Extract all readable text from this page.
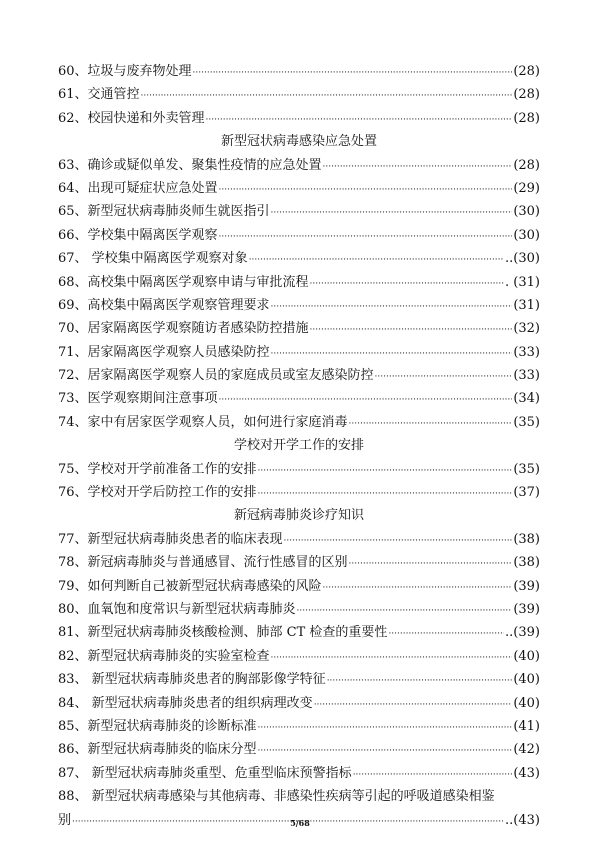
60、垃圾与废弃物处理 ·····	(28)
61、交通管控 ·····	(28)
62、校园快递和外卖管理 ·····	(28)
新型冠状病毒感染应急处置
63、确诊或疑似单发、聚集性疫情的应急处置 ·····	(28)
64、出现可疑症状应急处置 ·····	(29)
65、新型冠状病毒肺炎师生就医指引 ·····	(30)
66、学校集中隔离医学观察 ·····	(30)
67、 学校集中隔离医学观察对象 ·····	..(30)
68、高校集中隔离医学观察申请与审批流程 ·····	. (31)
69、高校集中隔离医学观察管理要求 ·····	(31)
70、居家隔离医学观察随访者感染防控措施 ·····	(32)
71、居家隔离医学观察人员感染防控 ·····	(33)
72、居家隔离医学观察人员的家庭成员或室友感染防控 ·····	(33)
73、医学观察期间注意事项 ·····	(34)
74、家中有居家医学观察人员，如何进行家庭消毒 ·····	(35)
学校对开学工作的安排
75、学校对开学前准备工作的安排 ·····	(35)
76、学校对开学后防控工作的安排 ·····	(37)
新冠病毒肺炎诊疗知识
77、新型冠状病毒肺炎患者的临床表现 ·····	(38)
78、新冠病毒肺炎与普通感冒、流行性感冒的区别 ·····	(38)
79、如何判断自己被新型冠状病毒感染的风险 ·····	(39)
80、血氧饱和度常识与新型冠状病毒肺炎 ·····	(39)
81、新型冠状病毒肺炎核酸检测、肺部 CT 检查的重要性 ·····	..(39)
82、新型冠状病毒肺炎的实验室检查 ·····	(40)
83、 新型冠状病毒肺炎患者的胸部影像学特征 ·····	(40)
84、 新型冠状病毒肺炎患者的组织病理改变 ·····	(40)
85、新型冠状病毒肺炎的诊断标准 ·····	(41)
86、新型冠状病毒肺炎的临床分型 ·····	(42)
87、 新型冠状病毒肺炎重型、危重型临床预警指标 ·····	(43)
88、 新型冠状病毒感染与其他病毒、非感染性疾病等引起的呼吸道感染相鉴
别 ·····	..(43)
5/68
